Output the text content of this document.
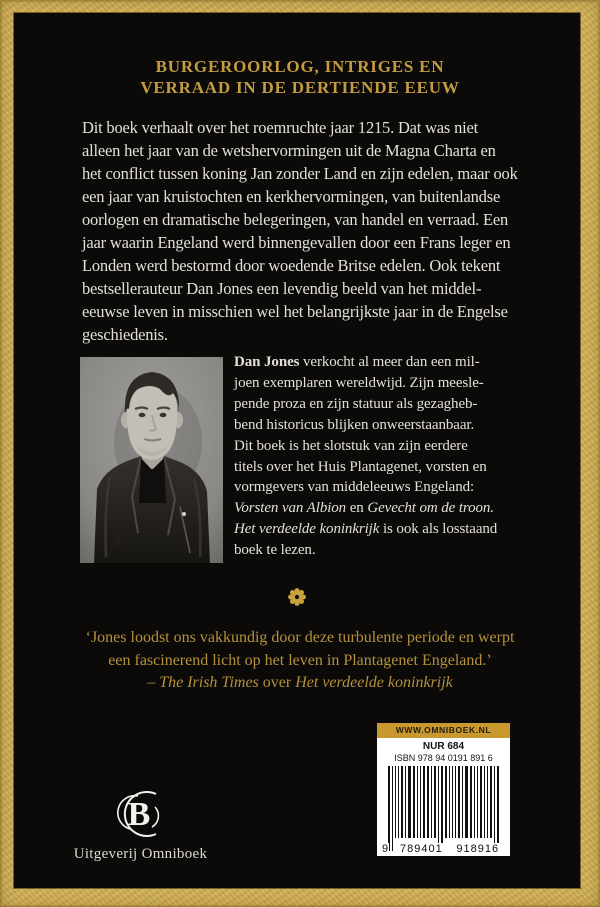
BURGEROORLOG, INTRIGES EN
VERRAAD IN DE DERTIENDE EEUW
Dit boek verhaalt over het roemruchte jaar 1215. Dat was niet
alleen het jaar van de wetshervormingen uit de Magna Charta en
het conflict tussen koning Jan zonder Land en zijn edelen, maar ook
een jaar van kruistochten en kerkhervormingen, van buitenlandse
oorlogen en dramatische belegeringen, van handel en verraad. Een
jaar waarin Engeland werd binnengevallen door een Frans leger en
Londen werd bestormd door woedende Britse edelen. Ook tekent
bestsellerauteur Dan Jones een levendig beeld van het middel-
eeuwse leven in misschien wel het belangrijkste jaar in de Engelse
geschiedenis.
Dan Jones verkocht al meer dan een mil-
joen exemplaren wereldwijd. Zijn meesle-
pende proza en zijn statuur als gezagheb-
bend historicus blijken onweerstaanbaar.
Dit boek is het slotstuk van zijn eerdere
titels over het Huis Plantagenet, vorsten en
vormgevers van middeleeuws Engeland:
Vorsten van Albion en Gevecht om de troon.
Het verdeelde koninkrijk is ook als losstaand
boek te lezen.
‘Jones loodst ons vakkundig door deze turbulente periode en werpt
een fascinerend licht op het leven in Plantagenet Engeland.’
– The Irish Times over Het verdeelde koninkrijk
WWW.OMNIBOEK.NL
NUR 684
ISBN 978 94 0191 891 6
9 789401 918916
B
Uitgeverij Omniboek
